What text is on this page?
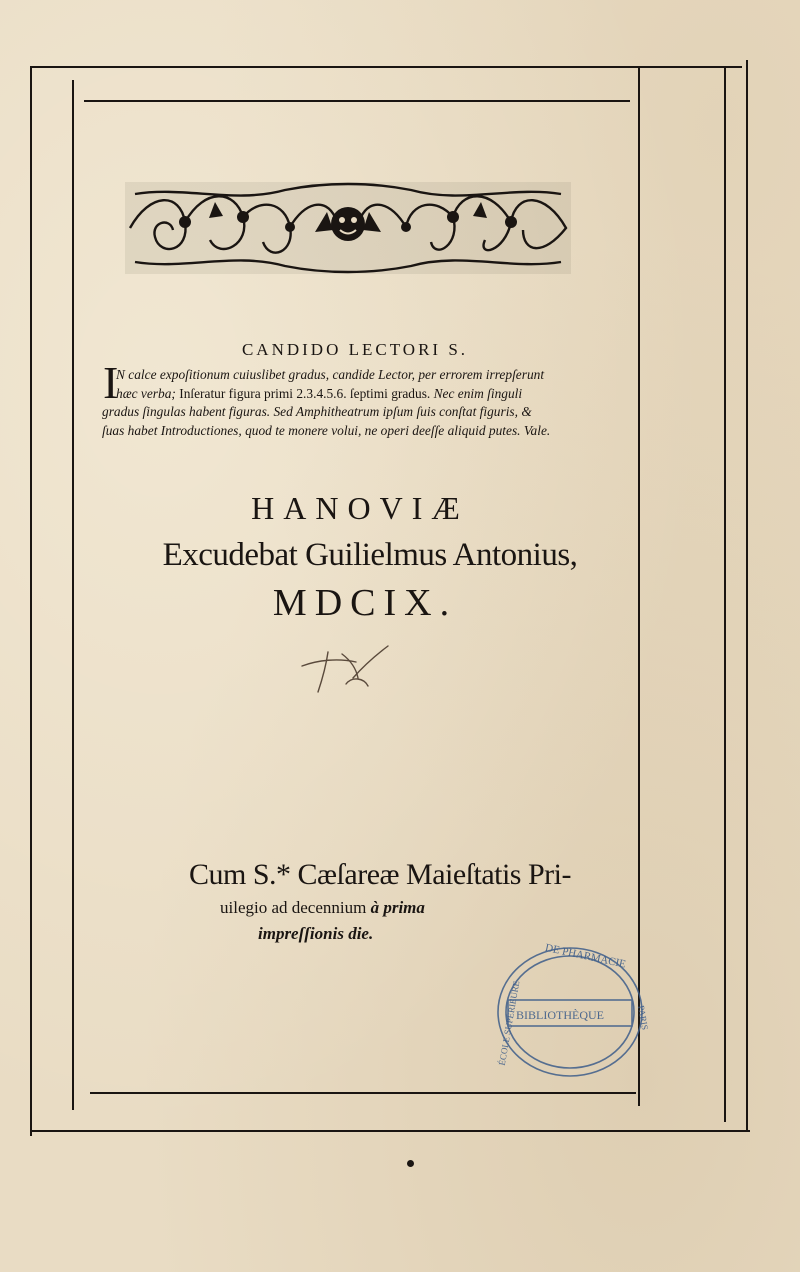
CANDIDO LECTORI S.
I
N calce expoſitionum cuiuslibet gradus, candide Lector, per errorem irrepſerunt
hæc verba; Inſeratur figura primi 2.3.4.5.6. ſeptimi gradus. Nec enim ſinguli
gradus ſingulas habent figuras. Sed Amphitheatrum ipſum ſuis conſtat figuris, &
ſuas habet Introductiones, quod te monere volui, ne operi deeſſe aliquid putes. Vale.
HANOVIÆ
Excudebat Guilielmus Antonius,
MDCIX.
Cum S.* Cæſareæ Maieſtatis Pri-
uilegio ad decennium à prima
impreſſionis die.
DE PHARMACIE
ÉCOLE SUPÉRIEURE	PARIS
BIBLIOTHÈQUE
